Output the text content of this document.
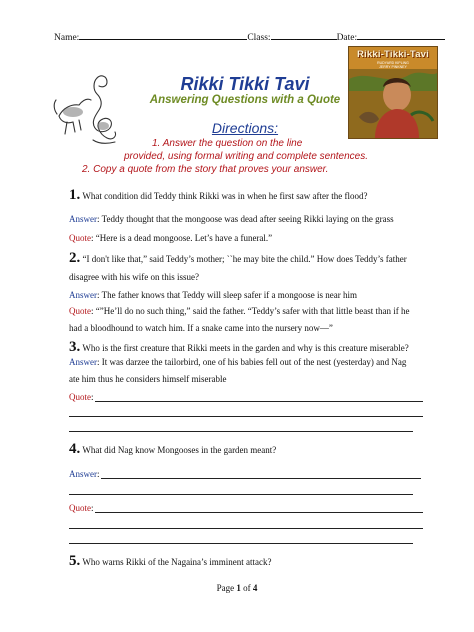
Name:	Class:	Date:
Rikki-Tikki-Tavi
RUDYARD KIPLING
JERRY PINKNEY
Rikki Tikki Tavi
Answering Questions with a Quote
Directions:
1. Answer the question on the line
provided, using formal writing and complete sentences.
2. Copy a quote from the story that proves your answer.
1. What condition did Teddy think Rikki was in when he first saw after the flood?
Answer: Teddy thought that the mongoose was dead after seeing Rikki laying on the grass
Quote: “Here is a dead mongoose. Let’s have a funeral.”
2. “I don't like that,” said Teddy’s mother; ``he may bite the child.” How does Teddy’s father
disagree with his wife on this issue?
Answer: The father knows that Teddy will sleep safer if a mongoose is near him
Quote: “”He’ll do no such thing,” said the father. “Teddy’s safer with that little beast than if he
had a bloodhound to watch him. If a snake came into the nursery now—”
3. Who is the first creature that Rikki meets in the garden and why is this creature miserable?
Answer: It was darzee the tailorbird, one of his babies fell out of the nest (yesterday) and Nag
ate him thus he considers himself miserable
Quote:
4. What did Nag know Mongooses in the garden meant?
Answer:
Quote:
5. Who warns Rikki of the Nagaina’s imminent attack?
Page 1 of 4
